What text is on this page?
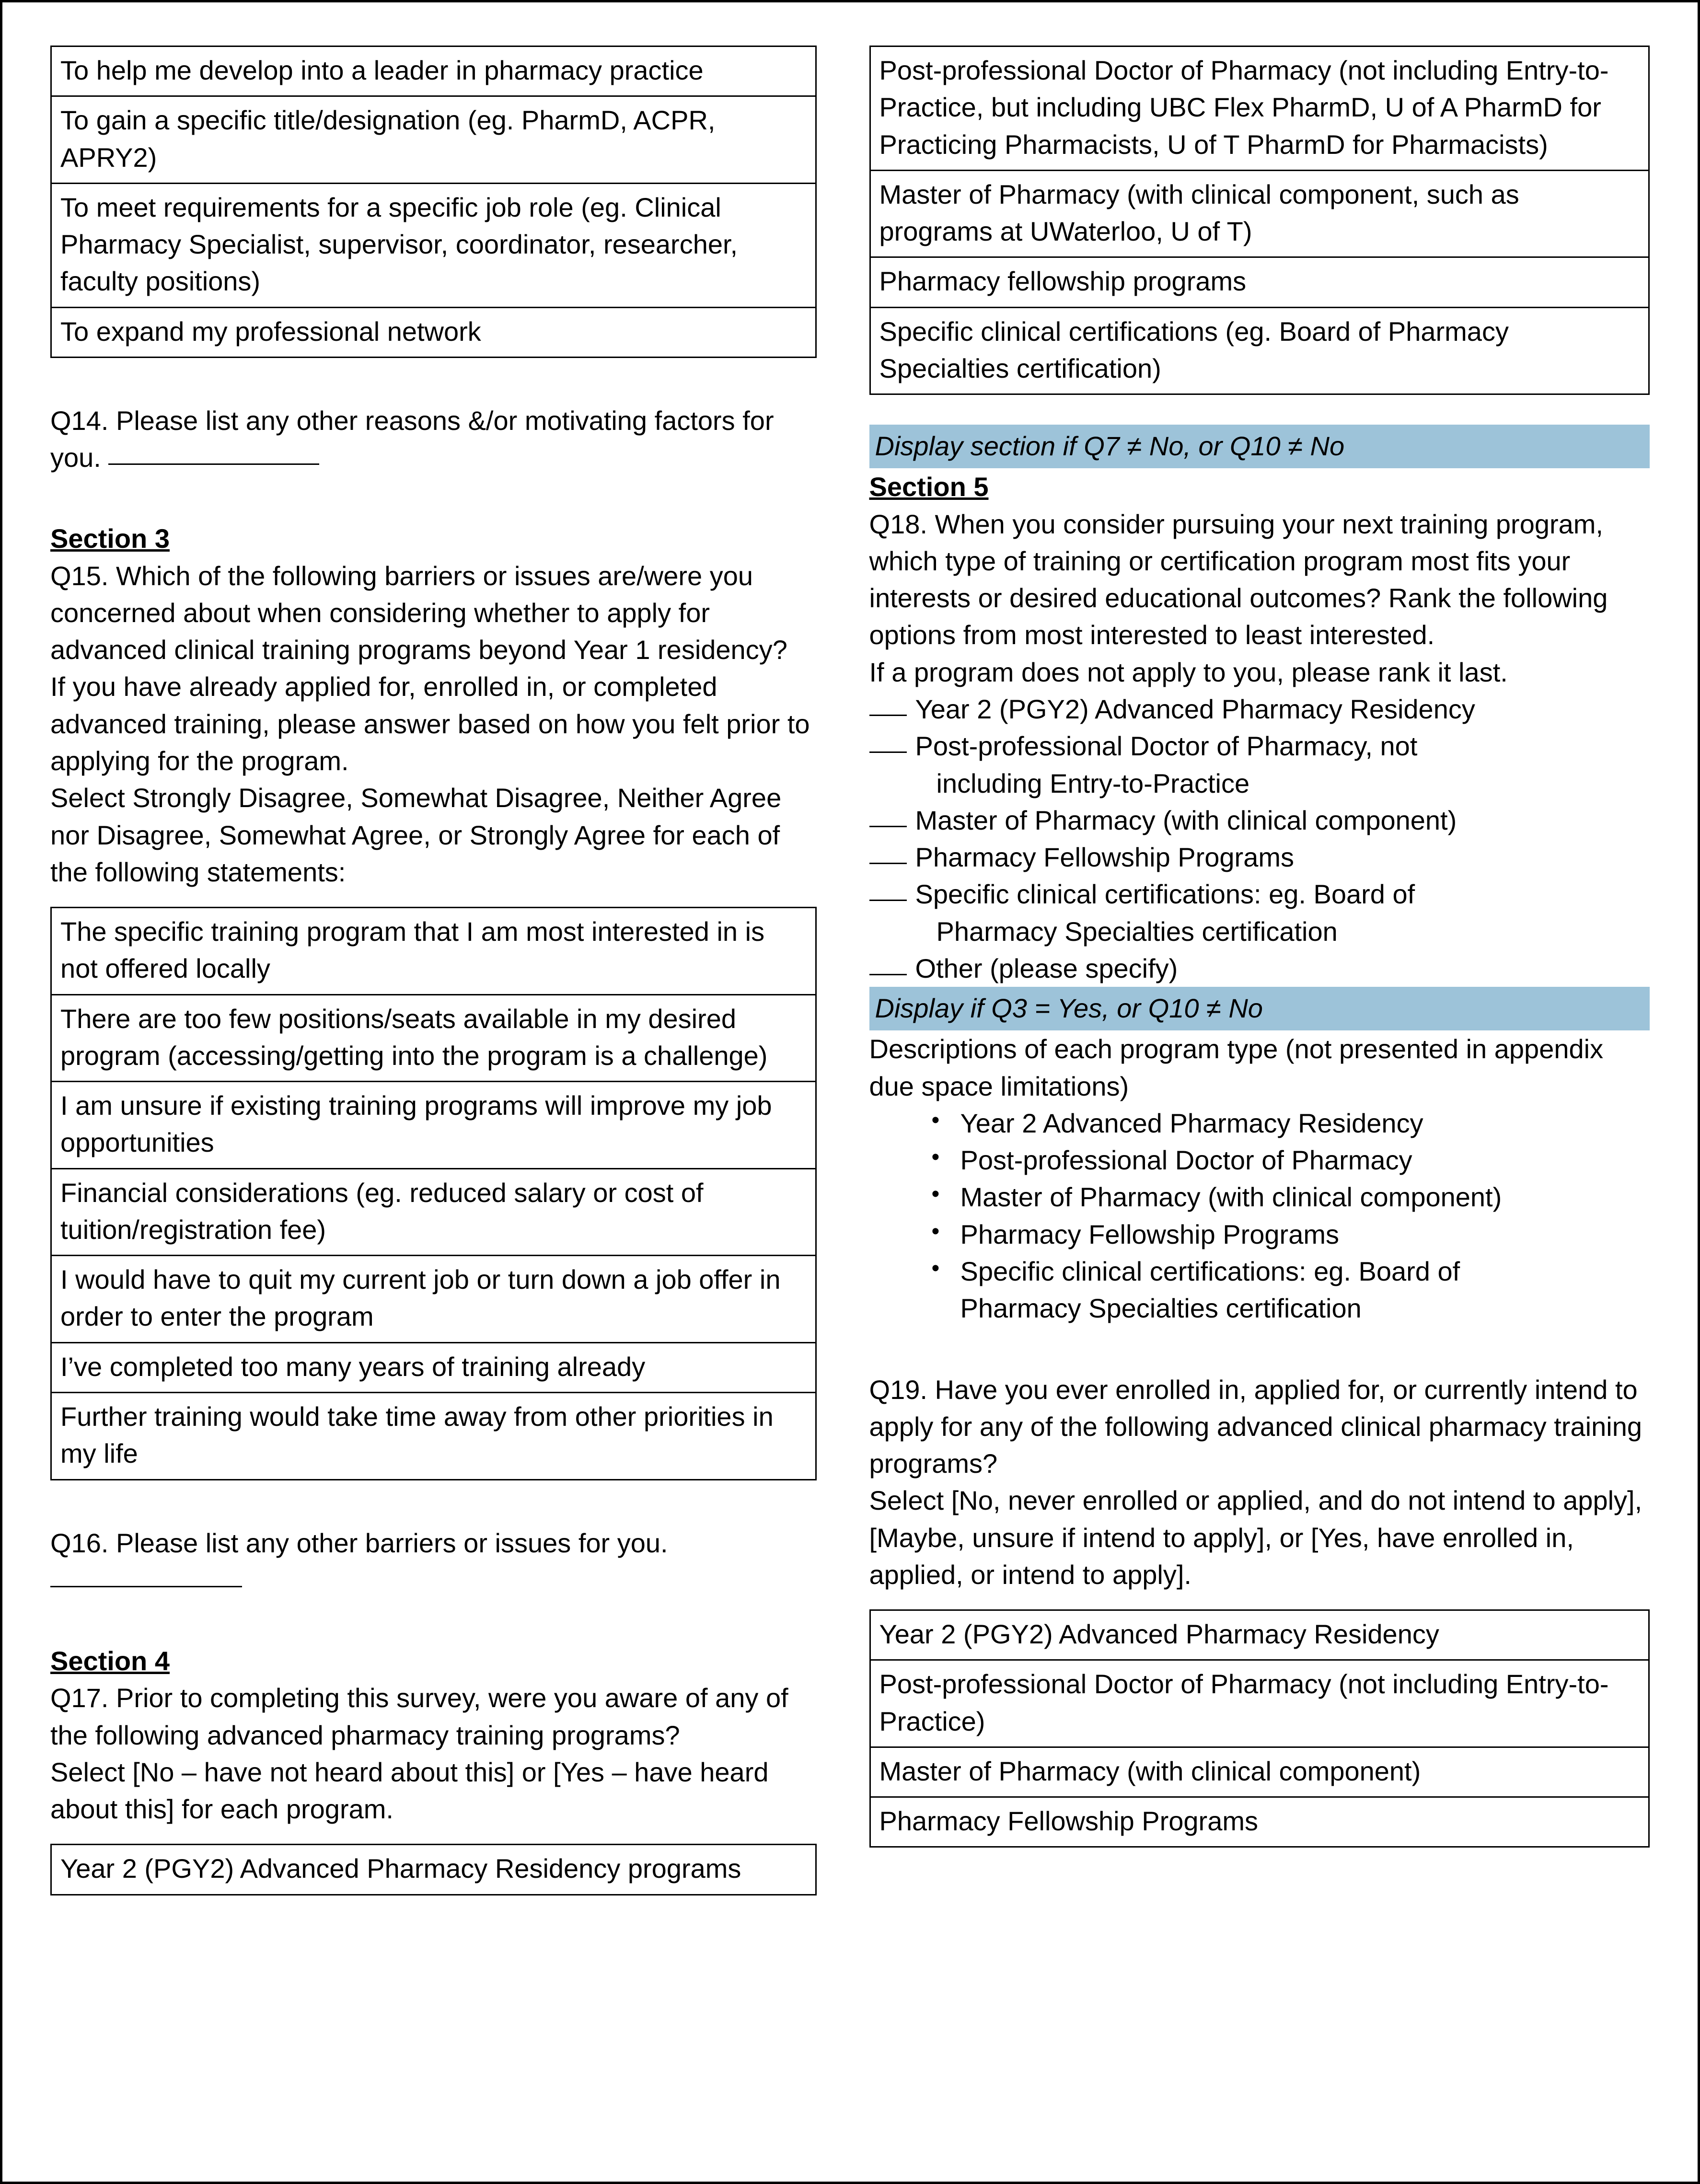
To help me develop into a leader in pharmacy practice
To gain a specific title/designation (eg. PharmD, ACPR, APRY2)
To meet requirements for a specific job role (eg. Clinical Pharmacy Specialist, supervisor, coordinator, researcher, faculty positions)
To expand my professional network
Q14. Please list any other reasons &/or motivating factors for you.
Section 3
Q15. Which of the following barriers or issues are/were you concerned about when considering whether to apply for advanced clinical training programs beyond Year 1 residency?
If you have already applied for, enrolled in, or completed advanced training, please answer based on how you felt prior to applying for the program.
Select Strongly Disagree, Somewhat Disagree, Neither Agree nor Disagree, Somewhat Agree, or Strongly Agree for each of the following statements:
The specific training program that I am most interested in is not offered locally
There are too few positions/seats available in my desired program (accessing/getting into the program is a challenge)
I am unsure if existing training programs will improve my job opportunities
Financial considerations (eg. reduced salary or cost of tuition/registration fee)
I would have to quit my current job or turn down a job offer in order to enter the program
I’ve completed too many years of training already
Further training would take time away from other priorities in my life
Q16. Please list any other barriers or issues for you.
Section 4
Q17. Prior to completing this survey, were you aware of any of the following advanced pharmacy training programs?
Select [No – have not heard about this] or [Yes – have heard about this] for each program.
Year 2 (PGY2) Advanced Pharmacy Residency programs
Post-professional Doctor of Pharmacy (not including Entry-to-Practice, but including UBC Flex PharmD, U of A PharmD for Practicing Pharmacists, U of T PharmD for Pharmacists)
Master of Pharmacy (with clinical component, such as programs at UWaterloo, U of T)
Pharmacy fellowship programs
Specific clinical certifications (eg. Board of Pharmacy Specialties certification)
Display section if Q7 ≠ No, or Q10 ≠ No
Section 5
Q18. When you consider pursuing your next training program, which type of training or certification program most fits your interests or desired educational outcomes? Rank the following options from most interested to least interested.
If a program does not apply to you, please rank it last.
Year 2 (PGY2) Advanced Pharmacy Residency
Post-professional Doctor of Pharmacy, not
including Entry-to-Practice
Master of Pharmacy (with clinical component)
Pharmacy Fellowship Programs
Specific clinical certifications: eg. Board of
Pharmacy Specialties certification
Other (please specify)
Display if Q3 = Yes, or Q10 ≠ No
Descriptions of each program type (not presented in appendix due space limitations)
• Year 2 Advanced Pharmacy Residency
• Post-professional Doctor of Pharmacy
• Master of Pharmacy (with clinical component)
• Pharmacy Fellowship Programs
• Specific clinical certifications: eg. Board of
Pharmacy Specialties certification
Q19. Have you ever enrolled in, applied for, or currently intend to apply for any of the following advanced clinical pharmacy training programs?
Select [No, never enrolled or applied, and do not intend to apply], [Maybe, unsure if intend to apply], or [Yes, have enrolled in, applied, or intend to apply].
Year 2 (PGY2) Advanced Pharmacy Residency
Post-professional Doctor of Pharmacy (not including Entry-to-Practice)
Master of Pharmacy (with clinical component)
Pharmacy Fellowship Programs
